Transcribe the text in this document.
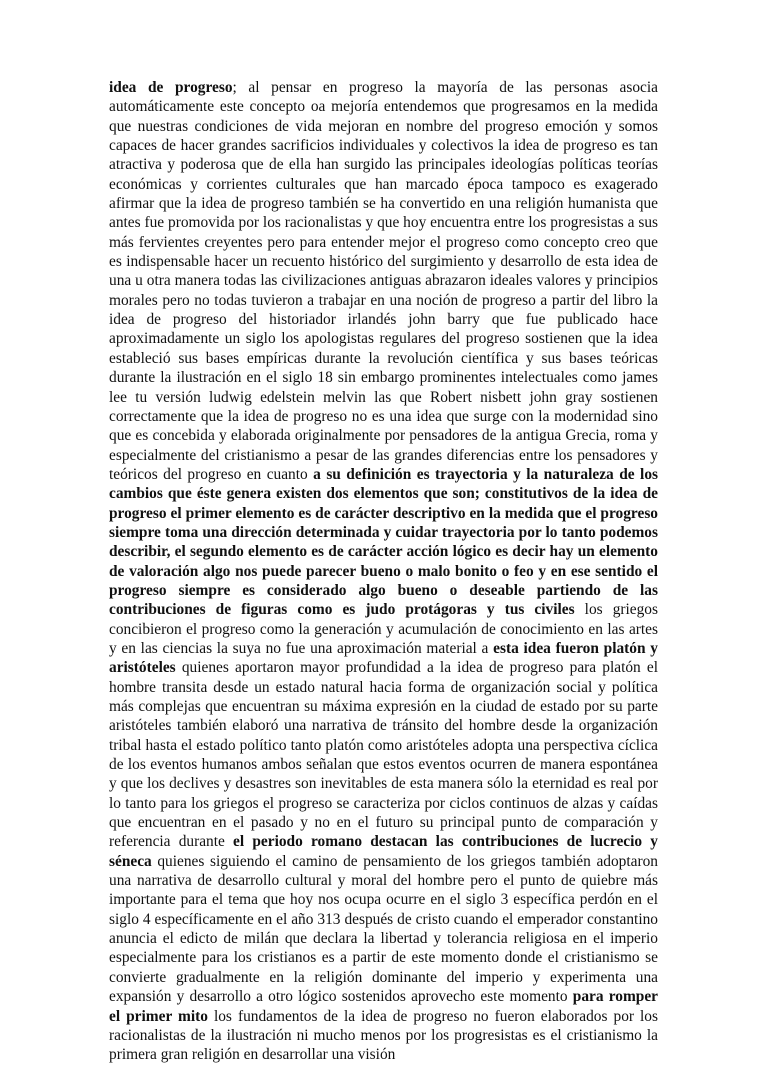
idea de progreso; al pensar en progreso la mayoría de las personas asocia automáticamente este concepto oa mejoría entendemos que progresamos en la medida que nuestras condiciones de vida mejoran en nombre del progreso emoción y somos capaces de hacer grandes sacrificios individuales y colectivos la idea de progreso es tan atractiva y poderosa que de ella han surgido las principales ideologías políticas teorías económicas y corrientes culturales que han marcado época tampoco es exagerado afirmar que la idea de progreso también se ha convertido en una religión humanista que antes fue promovida por los racionalistas y que hoy encuentra entre los progresistas a sus más fervientes creyentes pero para entender mejor el progreso como concepto creo que es indispensable hacer un recuento histórico del surgimiento y desarrollo de esta idea de una u otra manera todas las civilizaciones antiguas abrazaron ideales valores y principios morales pero no todas tuvieron a trabajar en una noción de progreso a partir del libro la idea de progreso del historiador irlandés john barry que fue publicado hace aproximadamente un siglo los apologistas regulares del progreso sostienen que la idea estableció sus bases empíricas durante la revolución científica y sus bases teóricas durante la ilustración en el siglo 18 sin embargo prominentes intelectuales como james lee tu versión ludwig edelstein melvin las que Robert nisbett john gray sostienen correctamente que la idea de progreso no es una idea que surge con la modernidad sino que es concebida y elaborada originalmente por pensadores de la antigua Grecia, roma y especialmente del cristianismo a pesar de las grandes diferencias entre los pensadores y teóricos del progreso en cuanto a su definición es trayectoria y la naturaleza de los cambios que éste genera existen dos elementos que son; constitutivos de la idea de progreso el primer elemento es de carácter descriptivo en la medida que el progreso siempre toma una dirección determinada y cuidar trayectoria por lo tanto podemos describir, el segundo elemento es de carácter acción lógico es decir hay un elemento de valoración algo nos puede parecer bueno o malo bonito o feo y en ese sentido el progreso siempre es considerado algo bueno o deseable partiendo de las contribuciones de figuras como es judo protágoras y tus civiles los griegos concibieron el progreso como la generación y acumulación de conocimiento en las artes y en las ciencias la suya no fue una aproximación material a esta idea fueron platón y aristóteles quienes aportaron mayor profundidad a la idea de progreso para platón el hombre transita desde un estado natural hacia forma de organización social y política más complejas que encuentran su máxima expresión en la ciudad de estado por su parte aristóteles también elaboró una narrativa de tránsito del hombre desde la organización tribal hasta el estado político tanto platón como aristóteles adopta una perspectiva cíclica de los eventos humanos ambos señalan que estos eventos ocurren de manera espontánea y que los declives y desastres son inevitables de esta manera sólo la eternidad es real por lo tanto para los griegos el progreso se caracteriza por ciclos continuos de alzas y caídas que encuentran en el pasado y no en el futuro su principal punto de comparación y referencia durante el periodo romano destacan las contribuciones de lucrecio y séneca quienes siguiendo el camino de pensamiento de los griegos también adoptaron una narrativa de desarrollo cultural y moral del hombre pero el punto de quiebre más importante para el tema que hoy nos ocupa ocurre en el siglo 3 específica perdón en el siglo 4 específicamente en el año 313 después de cristo cuando el emperador constantino anuncia el edicto de milán que declara la libertad y tolerancia religiosa en el imperio especialmente para los cristianos es a partir de este momento donde el cristianismo se convierte gradualmente en la religión dominante del imperio y experimenta una expansión y desarrollo a otro lógico sostenidos aprovecho este momento para romper el primer mito los fundamentos de la idea de progreso no fueron elaborados por los racionalistas de la ilustración ni mucho menos por los progresistas es el cristianismo la primera gran religión en desarrollar una visión
